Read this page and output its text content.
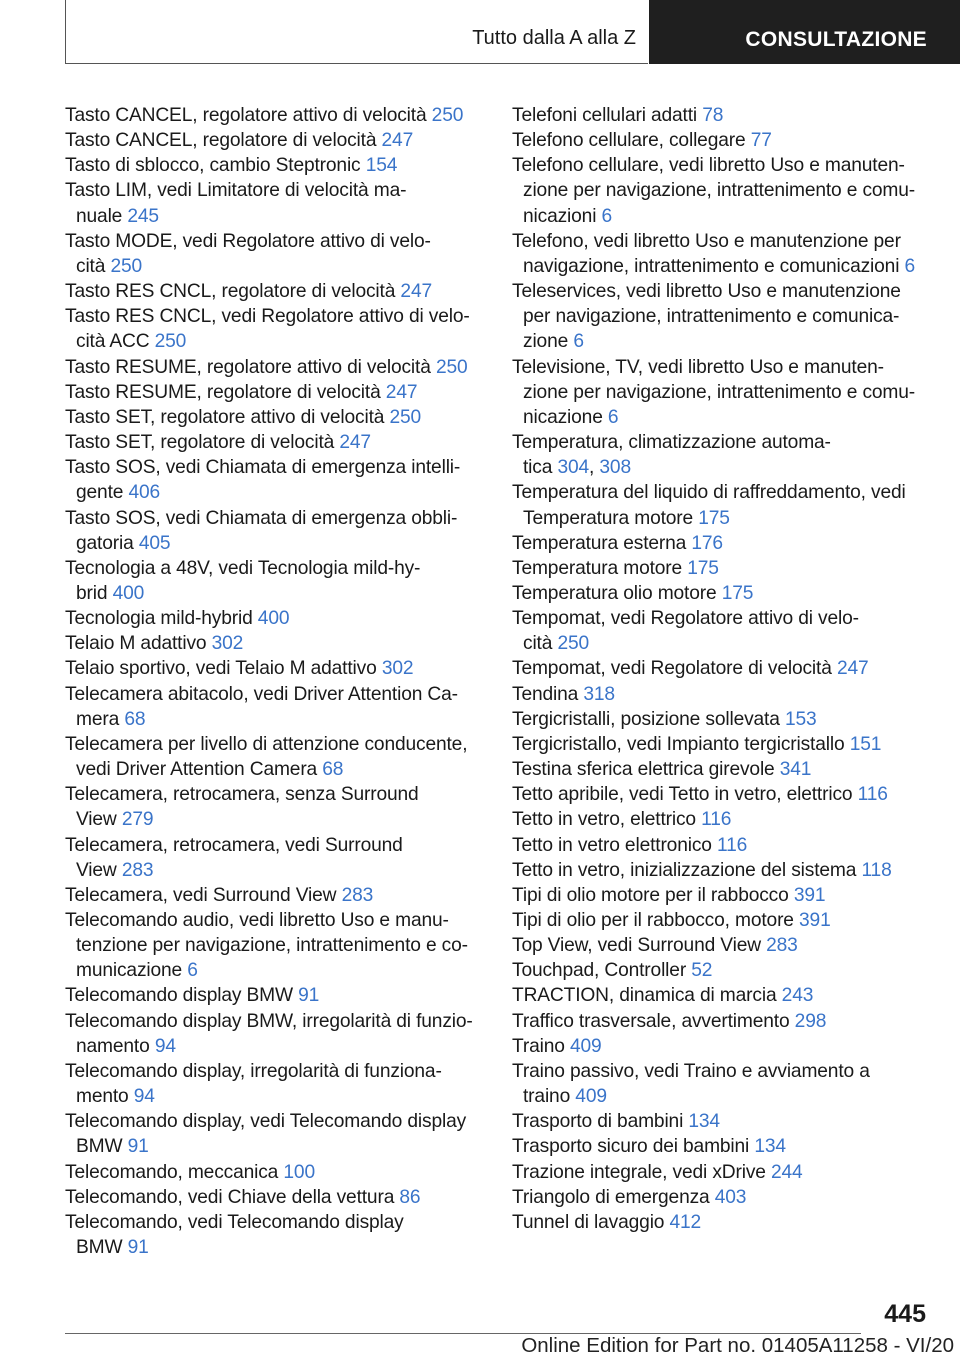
Tutto dalla A alla Z	CONSULTAZIONE
Tasto CANCEL, regolatore attivo di velocità 250
Tasto CANCEL, regolatore di velocità 247
Tasto di sblocco, cambio Steptronic 154
Tasto LIM, vedi Limitatore di velocità ma-
nuale 245
Tasto MODE, vedi Regolatore attivo di velo-
cità 250
Tasto RES CNCL, regolatore di velocità 247
Tasto RES CNCL, vedi Regolatore attivo di velo-
cità ACC 250
Tasto RESUME, regolatore attivo di velocità 250
Tasto RESUME, regolatore di velocità 247
Tasto SET, regolatore attivo di velocità 250
Tasto SET, regolatore di velocità 247
Tasto SOS, vedi Chiamata di emergenza intelli-
gente 406
Tasto SOS, vedi Chiamata di emergenza obbli-
gatoria 405
Tecnologia a 48V, vedi Tecnologia mild-hy-
brid 400
Tecnologia mild-hybrid 400
Telaio M adattivo 302
Telaio sportivo, vedi Telaio M adattivo 302
Telecamera abitacolo, vedi Driver Attention Ca-
mera 68
Telecamera per livello di attenzione conducente,
vedi Driver Attention Camera 68
Telecamera, retrocamera, senza Surround
View 279
Telecamera, retrocamera, vedi Surround
View 283
Telecamera, vedi Surround View 283
Telecomando audio, vedi libretto Uso e manu-
tenzione per navigazione, intrattenimento e co-
municazione 6
Telecomando display BMW 91
Telecomando display BMW, irregolarità di funzio-
namento 94
Telecomando display, irregolarità di funziona-
mento 94
Telecomando display, vedi Telecomando display
BMW 91
Telecomando, meccanica 100
Telecomando, vedi Chiave della vettura 86
Telecomando, vedi Telecomando display
BMW 91
Telefoni cellulari adatti 78
Telefono cellulare, collegare 77
Telefono cellulare, vedi libretto Uso e manuten-
zione per navigazione, intrattenimento e comu-
nicazioni 6
Telefono, vedi libretto Uso e manutenzione per
navigazione, intrattenimento e comunicazioni 6
Teleservices, vedi libretto Uso e manutenzione
per navigazione, intrattenimento e comunica-
zione 6
Televisione, TV, vedi libretto Uso e manuten-
zione per navigazione, intrattenimento e comu-
nicazione 6
Temperatura, climatizzazione automa-
tica 304, 308
Temperatura del liquido di raffreddamento, vedi
Temperatura motore 175
Temperatura esterna 176
Temperatura motore 175
Temperatura olio motore 175
Tempomat, vedi Regolatore attivo di velo-
cità 250
Tempomat, vedi Regolatore di velocità 247
Tendina 318
Tergicristalli, posizione sollevata 153
Tergicristallo, vedi Impianto tergicristallo 151
Testina sferica elettrica girevole 341
Tetto apribile, vedi Tetto in vetro, elettrico 116
Tetto in vetro, elettrico 116
Tetto in vetro elettronico 116
Tetto in vetro, inizializzazione del sistema 118
Tipi di olio motore per il rabbocco 391
Tipi di olio per il rabbocco, motore 391
Top View, vedi Surround View 283
Touchpad, Controller 52
TRACTION, dinamica di marcia 243
Traffico trasversale, avvertimento 298
Traino 409
Traino passivo, vedi Traino e avviamento a
traino 409
Trasporto di bambini 134
Trasporto sicuro dei bambini 134
Trazione integrale, vedi xDrive 244
Triangolo di emergenza 403
Tunnel di lavaggio 412
445
Online Edition for Part no. 01405A11258 - VI/20
